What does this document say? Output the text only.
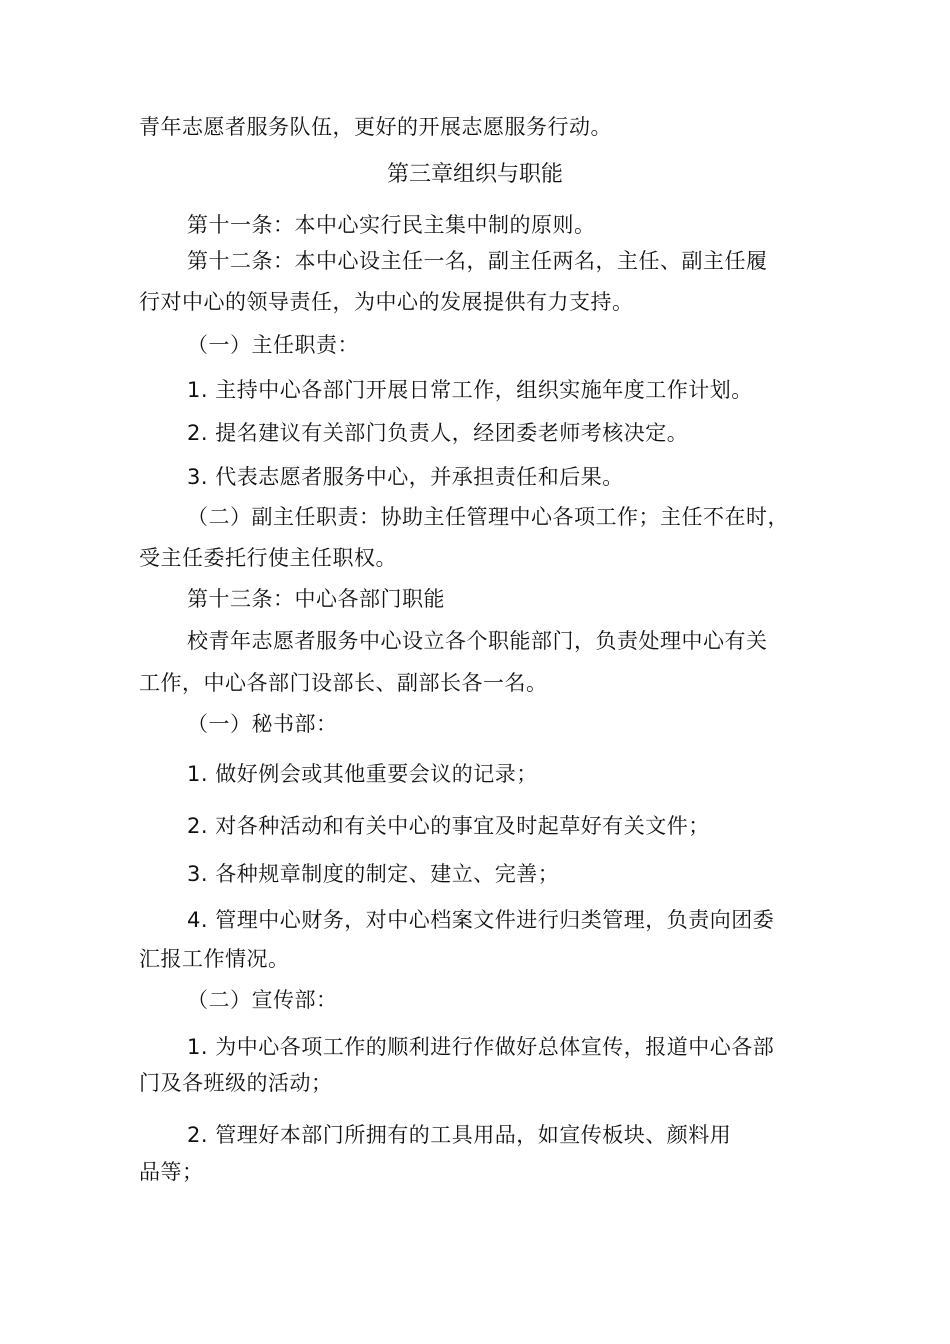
青年志愿者服务队伍，更好的开展志愿服务行动。
第三章组织与职能
第十一条：本中心实行民主集中制的原则。
第十二条：本中心设主任一名，副主任两名，主任、副主任履
行对中心的领导责任，为中心的发展提供有力支持。
（一）主任职责：
1. 主持中心各部门开展日常工作，组织实施年度工作计划。
2. 提名建议有关部门负责人，经团委老师考核决定。
3. 代表志愿者服务中心，并承担责任和后果。
（二）副主任职责：协助主任管理中心各项工作；主任不在时，
受主任委托行使主任职权。
第十三条：中心各部门职能
校青年志愿者服务中心设立各个职能部门，负责处理中心有关
工作，中心各部门设部长、副部长各一名。
（一）秘书部：
1. 做好例会或其他重要会议的记录；
2. 对各种活动和有关中心的事宜及时起草好有关文件；
3. 各种规章制度的制定、建立、完善；
4. 管理中心财务，对中心档案文件进行归类管理，负责向团委
汇报工作情况。
（二）宣传部：
1. 为中心各项工作的顺利进行作做好总体宣传，报道中心各部
门及各班级的活动；
2. 管理好本部门所拥有的工具用品，如宣传板块、颜料用
品等；
